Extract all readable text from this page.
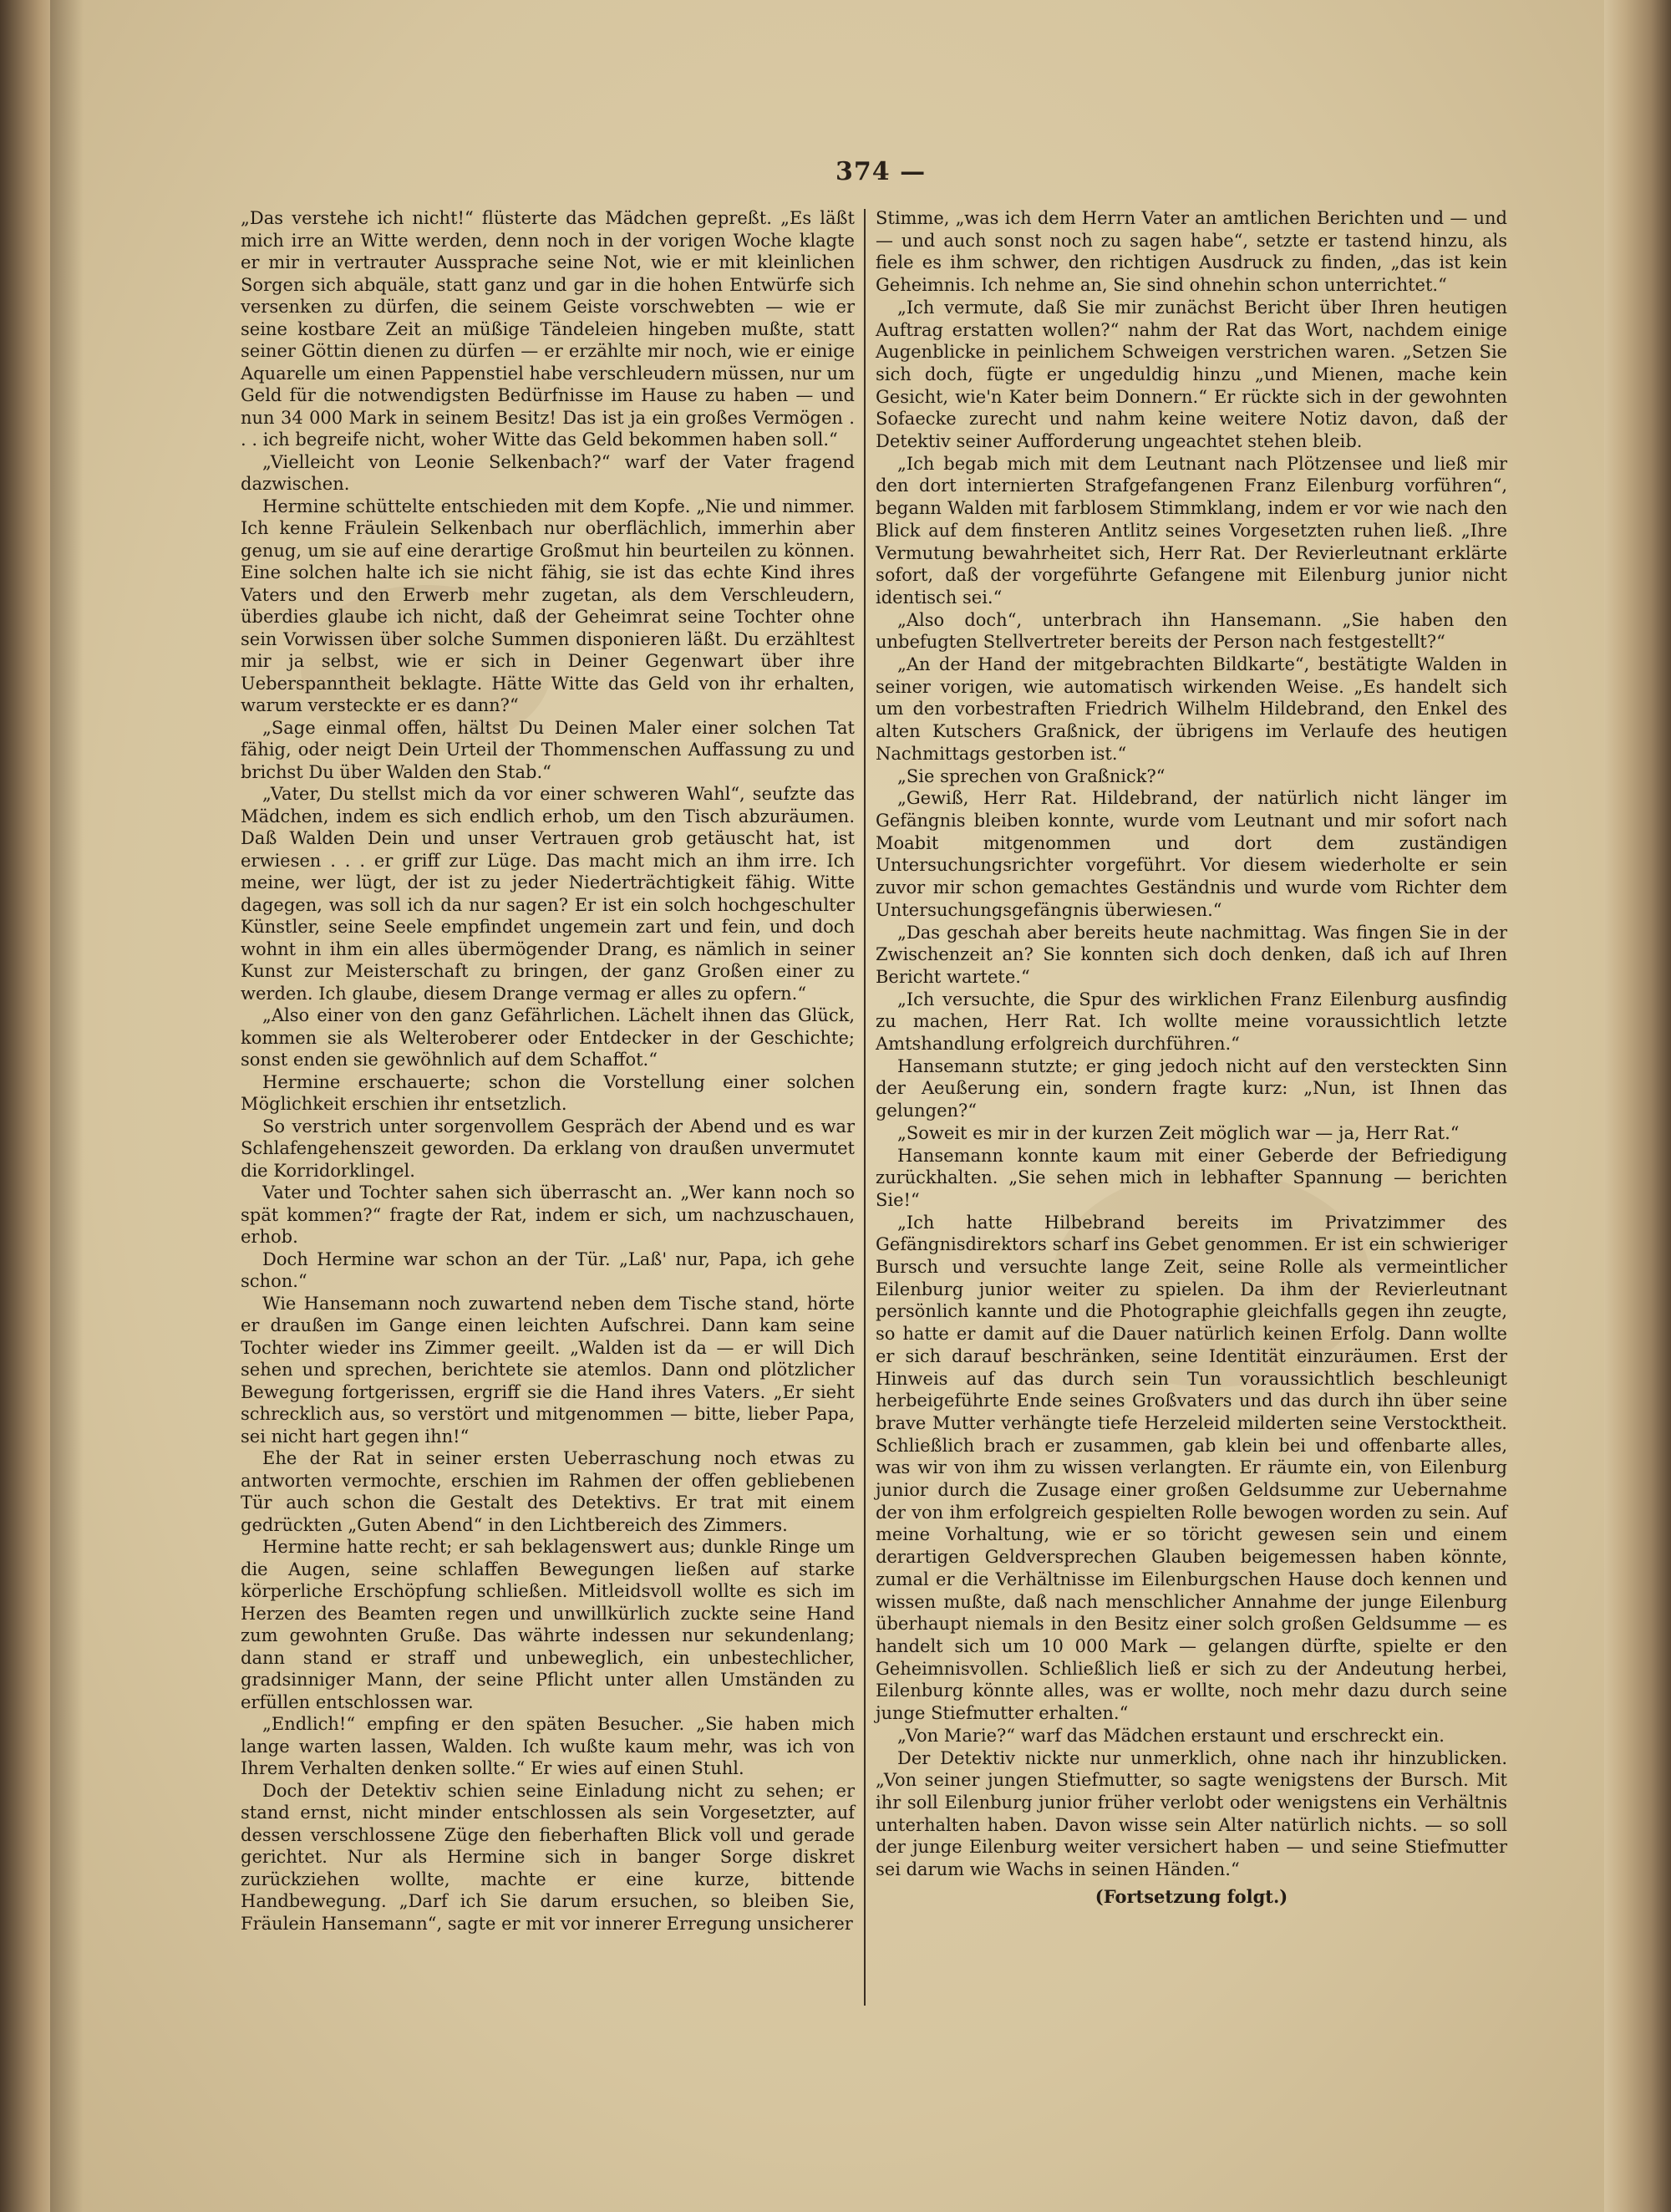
374 —

„Das verstehe ich nicht!“ flüsterte das Mädchen gepreßt. „Es läßt mich irre an Witte werden, denn noch in der vorigen Woche klagte er mir in vertrauter Aussprache seine Not, wie er mit kleinlichen Sorgen sich abquäle, statt ganz und gar in die hohen Entwürfe sich versenken zu dürfen, die seinem Geiste vorschwebten — wie er seine kostbare Zeit an müßige Tändeleien hingeben mußte, statt seiner Göttin dienen zu dürfen — er erzählte mir noch, wie er einige Aquarelle um einen Pappenstiel habe verschleudern müssen, nur um Geld für die notwendigsten Bedürfnisse im Hause zu haben — und nun 34 000 Mark in seinem Besitz! Das ist ja ein großes Vermögen . . . ich begreife nicht, woher Witte das Geld bekommen haben soll.“

„Vielleicht von Leonie Selkenbach?“ warf der Vater fragend dazwischen.

Hermine schüttelte entschieden mit dem Kopfe. „Nie und nimmer. Ich kenne Fräulein Selkenbach nur oberflächlich, immerhin aber genug, um sie auf eine derartige Großmut hin beurteilen zu können. Eine solchen halte ich sie nicht fähig, sie ist das echte Kind ihres Vaters und den Erwerb mehr zugetan, als dem Verschleudern, überdies glaube ich nicht, daß der Geheimrat seine Tochter ohne sein Vorwissen über solche Summen disponieren läßt. Du erzähltest mir ja selbst, wie er sich in Deiner Gegenwart über ihre Ueberspanntheit beklagte. Hätte Witte das Geld von ihr erhalten, warum versteckte er es dann?“

„Sage einmal offen, hältst Du Deinen Maler einer solchen Tat fähig, oder neigt Dein Urteil der Thommenschen Auffassung zu und brichst Du über Walden den Stab.“

„Vater, Du stellst mich da vor einer schweren Wahl“, seufzte das Mädchen, indem es sich endlich erhob, um den Tisch abzuräumen. Daß Walden Dein und unser Vertrauen grob getäuscht hat, ist erwiesen . . . er griff zur Lüge. Das macht mich an ihm irre. Ich meine, wer lügt, der ist zu jeder Niederträchtigkeit fähig. Witte dagegen, was soll ich da nur sagen? Er ist ein solch hochgeschulter Künstler, seine Seele empfindet ungemein zart und fein, und doch wohnt in ihm ein alles übermögender Drang, es nämlich in seiner Kunst zur Meisterschaft zu bringen, der ganz Großen einer zu werden. Ich glaube, diesem Drange vermag er alles zu opfern.“

„Also einer von den ganz Gefährlichen. Lächelt ihnen das Glück, kommen sie als Welteroberer oder Entdecker in der Geschichte; sonst enden sie gewöhnlich auf dem Schaffot.“

Hermine erschauerte; schon die Vorstellung einer solchen Möglichkeit erschien ihr entsetzlich.

So verstrich unter sorgenvollem Gespräch der Abend und es war Schlafengehenszeit geworden. Da erklang von draußen unvermutet die Korridorklingel.

Vater und Tochter sahen sich überrascht an. „Wer kann noch so spät kommen?“ fragte der Rat, indem er sich, um nachzuschauen, erhob.

Doch Hermine war schon an der Tür. „Laß' nur, Papa, ich gehe schon.“

Wie Hansemann noch zuwartend neben dem Tische stand, hörte er draußen im Gange einen leichten Aufschrei. Dann kam seine Tochter wieder ins Zimmer geeilt. „Walden ist da — er will Dich sehen und sprechen, berichtete sie atemlos. Dann ond plötzlicher Bewegung fortgerissen, ergriff sie die Hand ihres Vaters. „Er sieht schrecklich aus, so verstört und mitgenommen — bitte, lieber Papa, sei nicht hart gegen ihn!“

Ehe der Rat in seiner ersten Ueberraschung noch etwas zu antworten vermochte, erschien im Rahmen der offen gebliebenen Tür auch schon die Gestalt des Detektivs. Er trat mit einem gedrückten „Guten Abend“ in den Lichtbereich des Zimmers.

Hermine hatte recht; er sah beklagenswert aus; dunkle Ringe um die Augen, seine schlaffen Bewegungen ließen auf starke körperliche Erschöpfung schließen. Mitleidsvoll wollte es sich im Herzen des Beamten regen und unwillkürlich zuckte seine Hand zum gewohnten Gruße. Das währte indessen nur sekundenlang; dann stand er straff und unbeweglich, ein unbestechlicher, gradsinniger Mann, der seine Pflicht unter allen Umständen zu erfüllen entschlossen war.

„Endlich!“ empfing er den späten Besucher. „Sie haben mich lange warten lassen, Walden. Ich wußte kaum mehr, was ich von Ihrem Verhalten denken sollte.“ Er wies auf einen Stuhl.

Doch der Detektiv schien seine Einladung nicht zu sehen; er stand ernst, nicht minder entschlossen als sein Vorgesetzter, auf dessen verschlossene Züge den fieberhaften Blick voll und gerade gerichtet. Nur als Hermine sich in banger Sorge diskret zurückziehen wollte, machte er eine kurze, bittende Handbewegung. „Darf ich Sie darum ersuchen, so bleiben Sie, Fräulein Hansemann“, sagte er mit vor innerer Erregung unsicherer

Stimme, „was ich dem Herrn Vater an amtlichen Berichten und — und — und auch sonst noch zu sagen habe“, setzte er tastend hinzu, als fiele es ihm schwer, den richtigen Ausdruck zu finden, „das ist kein Geheimnis. Ich nehme an, Sie sind ohnehin schon unterrichtet.“

„Ich vermute, daß Sie mir zunächst Bericht über Ihren heutigen Auftrag erstatten wollen?“ nahm der Rat das Wort, nachdem einige Augenblicke in peinlichem Schweigen verstrichen waren. „Setzen Sie sich doch, fügte er ungeduldig hinzu „und Mienen, mache kein Gesicht, wie'n Kater beim Donnern.“ Er rückte sich in der gewohnten Sofaecke zurecht und nahm keine weitere Notiz davon, daß der Detektiv seiner Aufforderung ungeachtet stehen bleib.

„Ich begab mich mit dem Leutnant nach Plötzensee und ließ mir den dort internierten Strafgefangenen Franz Eilenburg vorführen“, begann Walden mit farblosem Stimmklang, indem er vor wie nach den Blick auf dem finsteren Antlitz seines Vorgesetzten ruhen ließ. „Ihre Vermutung bewahrheitet sich, Herr Rat. Der Revierleutnant erklärte sofort, daß der vorgeführte Gefangene mit Eilenburg junior nicht identisch sei.“

„Also doch“, unterbrach ihn Hansemann. „Sie haben den unbefugten Stellvertreter bereits der Person nach festgestellt?“

„An der Hand der mitgebrachten Bildkarte“, bestätigte Walden in seiner vorigen, wie automatisch wirkenden Weise. „Es handelt sich um den vorbestraften Friedrich Wilhelm Hildebrand, den Enkel des alten Kutschers Graßnick, der übrigens im Verlaufe des heutigen Nachmittags gestorben ist.“

„Sie sprechen von Graßnick?“

„Gewiß, Herr Rat. Hildebrand, der natürlich nicht länger im Gefängnis bleiben konnte, wurde vom Leutnant und mir sofort nach Moabit mitgenommen und dort dem zuständigen Untersuchungsrichter vorgeführt. Vor diesem wiederholte er sein zuvor mir schon gemachtes Geständnis und wurde vom Richter dem Untersuchungsgefängnis überwiesen.“

„Das geschah aber bereits heute nachmittag. Was fingen Sie in der Zwischenzeit an? Sie konnten sich doch denken, daß ich auf Ihren Bericht wartete.“

„Ich versuchte, die Spur des wirklichen Franz Eilenburg ausfindig zu machen, Herr Rat. Ich wollte meine voraussichtlich letzte Amtshandlung erfolgreich durchführen.“

Hansemann stutzte; er ging jedoch nicht auf den versteckten Sinn der Aeußerung ein, sondern fragte kurz: „Nun, ist Ihnen das gelungen?“

„Soweit es mir in der kurzen Zeit möglich war — ja, Herr Rat.“

Hansemann konnte kaum mit einer Geberde der Befriedigung zurückhalten. „Sie sehen mich in lebhafter Spannung — berichten Sie!“

„Ich hatte Hilbebrand bereits im Privatzimmer des Gefängnisdirektors scharf ins Gebet genommen. Er ist ein schwieriger Bursch und versuchte lange Zeit, seine Rolle als vermeintlicher Eilenburg junior weiter zu spielen. Da ihm der Revierleutnant persönlich kannte und die Photographie gleichfalls gegen ihn zeugte, so hatte er damit auf die Dauer natürlich keinen Erfolg. Dann wollte er sich darauf beschränken, seine Identität einzuräumen. Erst der Hinweis auf das durch sein Tun voraussichtlich beschleunigt herbeigeführte Ende seines Großvaters und das durch ihn über seine brave Mutter verhängte tiefe Herzeleid milderten seine Verstocktheit. Schließlich brach er zusammen, gab klein bei und offenbarte alles, was wir von ihm zu wissen verlangten. Er räumte ein, von Eilenburg junior durch die Zusage einer großen Geldsumme zur Uebernahme der von ihm erfolgreich gespielten Rolle bewogen worden zu sein. Auf meine Vorhaltung, wie er so töricht gewesen sein und einem derartigen Geldversprechen Glauben beigemessen haben könnte, zumal er die Verhältnisse im Eilenburgschen Hause doch kennen und wissen mußte, daß nach menschlicher Annahme der junge Eilenburg überhaupt niemals in den Besitz einer solch großen Geldsumme — es handelt sich um 10 000 Mark — gelangen dürfte, spielte er den Geheimnisvollen. Schließlich ließ er sich zu der Andeutung herbei, Eilenburg könnte alles, was er wollte, noch mehr dazu durch seine junge Stiefmutter erhalten.“

„Von Marie?“ warf das Mädchen erstaunt und erschreckt ein.

Der Detektiv nickte nur unmerklich, ohne nach ihr hinzublicken. „Von seiner jungen Stiefmutter, so sagte wenigstens der Bursch. Mit ihr soll Eilenburg junior früher verlobt oder wenigstens ein Verhältnis unterhalten haben. Davon wisse sein Alter natürlich nichts. — so soll der junge Eilenburg weiter versichert haben — und seine Stiefmutter sei darum wie Wachs in seinen Händen.“

(Fortsetzung folgt.)
